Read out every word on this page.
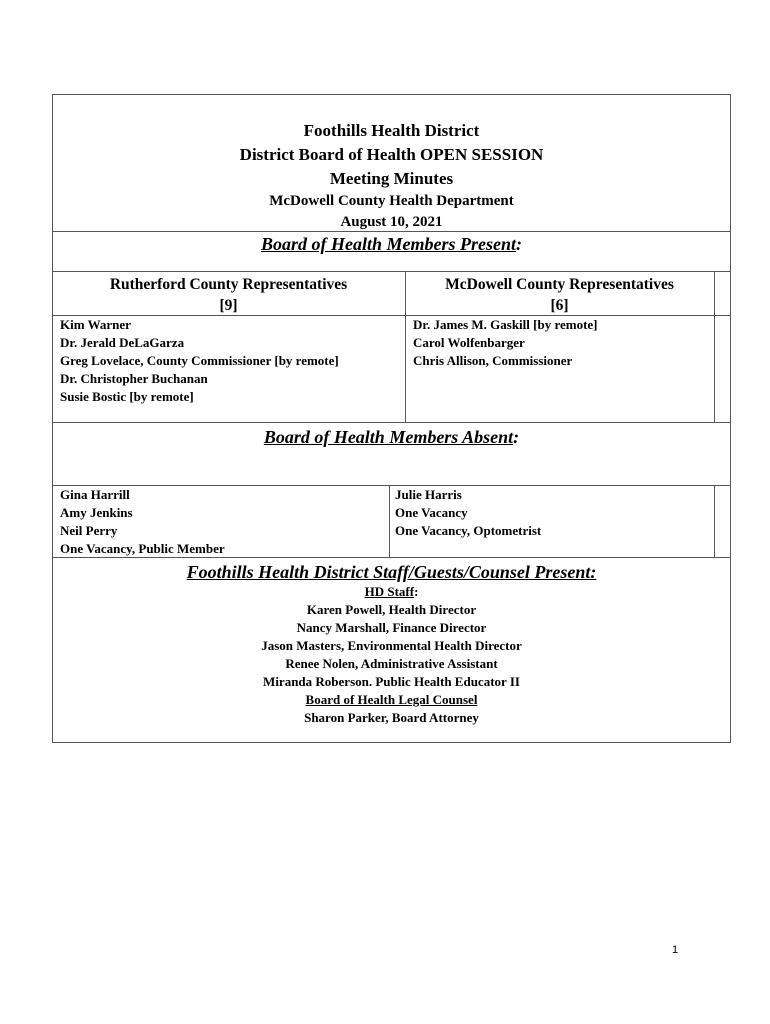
Foothills Health District
District Board of Health OPEN SESSION
Meeting Minutes
McDowell County Health Department
August 10, 2021
Board of Health Members Present:
Rutherford County Representatives
[9]
McDowell County Representatives
[6]
Kim Warner
Dr. Jerald DeLaGarza
Greg Lovelace, County Commissioner [by remote]
Dr. Christopher Buchanan
Susie Bostic [by remote]
Dr. James M. Gaskill [by remote]
Carol Wolfenbarger
Chris Allison, Commissioner
Board of Health Members Absent:
Gina Harrill
Amy Jenkins
Neil Perry
One Vacancy, Public Member
Julie Harris
One Vacancy
One Vacancy, Optometrist
Foothills Health District Staff/Guests/Counsel Present:
HD Staff:
Karen Powell, Health Director
Nancy Marshall, Finance Director
Jason Masters, Environmental Health Director
Renee Nolen, Administrative Assistant
Miranda Roberson. Public Health Educator II
Board of Health Legal Counsel
Sharon Parker, Board Attorney
1
